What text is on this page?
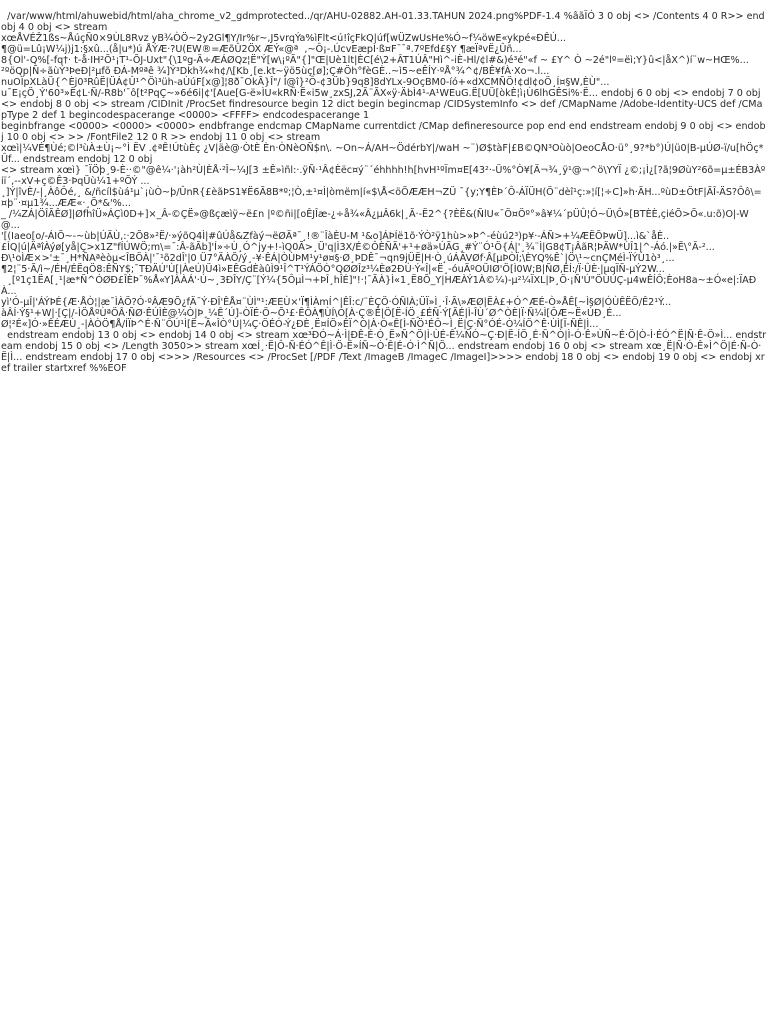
/var/www/html/ahuwebid/html/aha_chrome_v2_gdmprotected../qr/AHU-02882.AH-01.33.TAHUN 2024.png%PDF-1.4 %âãÏÓ 3 0 obj <> /Contents 4 0 R>> endobj 4 0 obj <> stream
xœÅVÉŽ1ßs~ÅúçÑ0×9ÙL8Rvz yB¾ÒÖ~2y2Gl¶Y/Ir%r~,J5vrqÝa%ìFlt<ú!îçFkQ|úf[wÜZwUsHe%Ó~f¼öwE«ykpé«ÐÊÚ...
¶@ü=Lû¡W¼j)j1:§xû...(å|u*)ú ÅÝÆ·?U(EW®=ÆõÛ2ÖX ÆÝ«@ª  ,~Ô¡-.ÚcvEæpÌ·ß¤F¯¯ª.7ºEfd£§Y ¶æÏªvË¿Ûñ...
8{Ol'-Q%[-fq†· t-å·IH²Õ¹¡T¹-ÕJ-Uxt"{\1ºg-Ã÷ÆÁØQz¦Ë"Ý[w\¡ºÃ"{]"Œ|Uè1lt|ÈC[é\2+ÂT1ÚÂ"Hì^-iÈ-Hl/¢l#&)é³é"«f ~ £Y^ Ò ~2é"lº=ëì;Y}û<|åX^)í¨w~HŒ%...
²ºöQp|Ñ÷ãùÝ³ÞeÐ|²µfõ ÐÁ-Mºªê ¾]Ý³Dkh¾«h¢/\[Kb¸[e.kt~ÿö5ùç[ø];Ç#Öh°fèGÈ..~ì5~eÊÍY·ºÅ°¾^¢/BÊ¥fÀ·Xo¬.l...
nuOÏpXLàÜ{^Èj0³RûË|ÜÁ¢Û¹^Öì³üh-aÙúF[x@]¦8ð¯OkÃ}Î"/ Ì@î}²Ô-¢3Üb}9q8]8dYLx-9OçBM0-íó+«dXCMÑÖ!¢dl¢oÖ¸Í¤§W,ÈÙ"...
u¯E¡çÖ¸Ý'60³»Ë¢L·Ñ/-R8b'¯ô[t²PqÇ~»6é6i|¢'[Aue[G-ë»ÌU«kRÑ·Ë«i5w¸zxSJ,2Ã¨ÃX«ÿ·ÄbÌ4¹-A¹WEuG.Ë[UÜ[òkÈ¦ì¡Ù6lhGÊSi%·Ë... endobj 6 0 obj <> endobj 7 0 obj <> endobj 8 0 obj <> stream /CIDInit /ProcSet findresource begin 12 dict begin begincmap /CIDSystemInfo <> def /CMapName /Adobe-Identity-UCS def /CMapType 2 def 1 begincodespacerange <0000> <FFFF> endcodespacerange 1
beginbfrange <0000> <0000> <0000> endbfrange endcmap CMapName currentdict /CMap defineresource pop end end endstream endobj 9 0 obj <> endobj 10 0 obj <> >> /FontFile2 12 0 R >> endobj 11 0 obj <> stream
xœì|¼VÉ¶Ùé;©l³ùÀ±Ù¡~°Ì ËV .¢ªÊ!ÚtùÈç ¿V|äè@·ÒtÈ Èn·ÒNèOÑ$n\. ~On~Á/AH~ÖdérbY|/waH ~¨)Ø$tàF|£B©QN³Oùò|OeoCÅO·ü°¸9?*b°)Ú|ü0|B-µÚØ-ï/u[hÖç*Ûf... endstream endobj 12 0 obj
<> stream xœì} ¯ÏÖþ¸9-È··©"@ê¼·'¡àh²Ù|ÈÅ·²Î~¼J[3 ±Ê»ìñl:·.ÿÑ·¹Â¢Èëc¤ý¨´éhhhh!h[hvH¹ºÏm¤E[43²·-Ü%°Ò¥[Ä¬¾¸ÿ¹@¬^ö\YYÏ ¿©;¡Ì¿[?ã¦9ØùY²6õ=µ±ÉB3Àºiï´,--xV+ç©Ê3·ÞqÜù¼1+ºÕÝ ...
¸]Ý|îvÈ/-|¸ÀôÔé,¸ &/ñcíl$ùá¹µ`¡ùÒ~þ/ÛnR{£èãÞS1¥Ë6Ã8B*º;¦Ò,±¹¤Ì|òmëm|í«$\Å<öÕÆÆH¬ZÜ ¯{y;Y¶ÈÞ´Ô-ÁÏÜH(Ö¨dèî¹ç:»¦í[¦÷C]»h·ÃH...ºùD±ÖtF|ÃÎ-ÄS?Ôô\=¤þ¨·¤µ1¾...ÆÆ«·¸Õ*&'%...
_ /¼ZÁ|ÖÎÃÊØ]|ØfhîÜ»ÁÇì0D+]×_Â-©ÇË»@ßçæìÿ~ë£n |º©ñi|[oÊJÎæ-¿÷å¾«Â¿µÂ6k|¸Ã·-Ë2^{?ÈË&(ÑlU«¯Ö¤Öº°»â¥¼´pÜÛ¦Ó~Ü\Ô»[BTÈÈ,çiéÕ>Õ«.u:õ)O|-W@...
'[(Iaeo[o/-ÁIÕ~-~ùb|ÚÄÙ,:·2Õ8»²Ë/·»ýõQ4Ì|#ûÚå&Zfàý¬ëØÃª¯¸!®¨ÎàÈU-M ¹&o]ÁÞÍë1õ·ÝÒ²ÿ1hù>»Þ^-éùú2³)p¥·-ÁÑ>+¼ÆËÕÞwÜ]...ì&`åÈ..
£ÌQ|ú|ÄªîÀýø[yå|Ç>x1Z"fÍÚWÖ;m\=¯:Â-ãÃb]'Í»÷Ù¸Ó^jy+!-ìQ0Ã>¸Ü'q|Ì3X/É©ÔÈÑÃ'+¹+øä»ÚÃG¸#Ý¨Ó¹Ö{Á|'¸¾¨Ì|G8¢T¡ÂãR¦ÞÄW*ÙÎ1|^-Áó.|»Ë\°Ã-²...
Ð\¹oÌÆ×>'±¯¸H*ÑAªèòµ<ÎBÖÀ|'¯¹õ2dÎ'|0 Ü7°ÄÀÕ/ý¸-¥·ÊÁ|ÒÙÞM¹y¹ø¤§·Ø¸ÞDÊ¯¬qn9jÜË|H·Ò¸úÁÄVØf·Â[µÞÒÏ;\ÈYQ%Ê`|Ö\¹~cnÇMéÌ-ÏÝÚ1ò³¸...
¶2¦¨5·Ã/ì~/ÉH/ÉËqÖ8:ÊÑY$;¯TÐÄÚ'Ù[|ÀeÚ)Ü4ì»EÊGdÈàûÌ9¹Î^T¹ÝÁÖÒ°QØØÎz³¼Èø2ÐÚ·Ý«Î|«Ë¸-óuÃºOÜIØ'Ö[Ì0W;B|ÑØ,ÊÍ:/Ï·ÛÈ·|µqÏÑ-µÝ2W...
¸[º1ç1ËA[¸¹|æ*Ñ^ÓØÐ£ÎÈÞ¯%Å«Y]ÀÀÁ'·Ú~¸3ÐÎY/Ç¨[Ý¼{5ÔµÌ¬+ÞÎ¸hÎÉ]"!·¦¯ÃÀ}Ì«1¸Ë8Õ_Y|HÆÀÝ1À©¼)-µ²¼ÏXL|Þ¸Ö·¡Ñ'Ú"ÖÙÚÇ-µ4wÊÍÔ;ÈoH8a~±Ó«e|:ÏAÐÀ...
yì'Ó-µÎ|'ÁÝÞÉ{Æ·ÅÒ¦|æ¯ÌÀÖ?Ó·ºÂÆ9Õ¿fÄ¯Ý·ÐÎ'ÊÅ¤¨ÙÌ"¹:ÆEÙ×'Ï¶ÌÀmÍ^|ÊÎ:c/¨ÈÇÖ·ÓÑlÀ;ÜÏ»Ì¸·Î·Ã\»ÆØ|ËÀ£+Ó^ÆÉ-Ò»ÅÊ[~Ì§Ø|ÓÙÊËÖ/Ê2¹Ý...
àÂÍ·Ý§¹+W|·[Ç|/-ÌÖÅºÙªÖÂ·ÑØ·ÊÚÌÈ@¼Ò|Þ¸¼Ê´Ú]-ÒÏÉ·Ö~Õ¹£·ÊÔÀ¶ÙÍ\Ó[À·Ç®Ê|Ö[Ë-ÍÖ¸£ÉÑ·Ý[ÃÉ|Ì-ÎÙ´Ø^ÒÈ|Ï·Ñ¼Ì[ÔÆ~Ë«ÚÐ¸É...
Ø¦²É«]Ó·»ÊÉÆÙ¸-|ÀÒÖ¶Å/ÍÏÞ^É·Ñ¨ÔÚ¹Ì[Ë~Ã«ÎÒ°Ù|¼Ç·ÖÉÓ-Ý¿ÐÈ¸Ë¤ÍÖ»ÊÏ^Ò|À·Ó«Ê[Ì-ÑÖ¹ÉÔ~Ì¸Ë|Ç·Ñ°ÓÉ-Ò¼ÍÖ^Ê·ÙÌ[Ï-ÑÊ|Ì...
endstream endobj 13 0 obj <> endobj 14 0 obj <> stream xœ³ÐÓ~Á·Ì|ÐÊ-É·Ó¸Ë»Ñ^Ö|Ì·ÙÉ-Ê¼ÑÓ~Ç·Ð|Ë-ÍÖ¸É·Ñ^Ò|Ì-Ó·Ê»ÙÑ~É·Ö|Ò-Ì·ÉÓ^Ë|Ñ·Ê-Ö»Ì... endstream endobj 15 0 obj <> /Length 3050>> stream xœÍ¸·Ë|Ô-Ñ·ÉÓ^Ê|Ì·Ö-Ë»ÍÑ~Ò·Ê|É-Ó·Ì^Ñ|Ö... endstream endobj 16 0 obj <> stream xœ¸Ë|Ñ·Ó-Ê»Ì^Ö|É·Ñ-Ò·Ë|Ì... endstream endobj 17 0 obj <>>> /Resources <> /ProcSet [/PDF /Text /ImageB /ImageC /ImageI]>>>> endobj 18 0 obj <> endobj 19 0 obj <> endobj xref trailer startxref %%EOF
